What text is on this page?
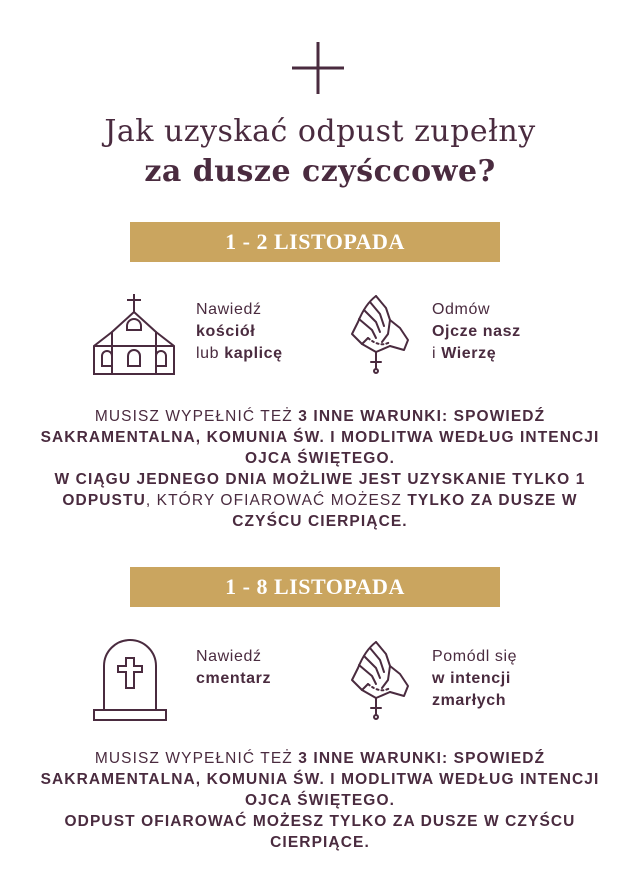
Jak uzyskać odpust zupełny
za dusze czyśccowe?
1 - 2 LISTOPADA
Nawiedź
kościół
lub kaplicę
Odmów
Ojcze nasz
i Wierzę
MUSISZ WYPEŁNIĆ TEŻ 3 INNE WARUNKI: SPOWIEDŹ SAKRAMENTALNA, KOMUNIA ŚW. I MODLITWA WEDŁUG INTENCJI OJCA ŚWIĘTEGO.
W CIĄGU JEDNEGO DNIA MOŻLIWE JEST UZYSKANIE TYLKO 1 ODPUSTU, KTÓRY OFIAROWAĆ MOŻESZ TYLKO ZA DUSZE W CZYŚCU CIERPIĄCE.
1 - 8 LISTOPADA
Nawiedź
cmentarz
Pomódl się
w intencji
zmarłych
MUSISZ WYPEŁNIĆ TEŻ 3 INNE WARUNKI: SPOWIEDŹ SAKRAMENTALNA, KOMUNIA ŚW. I MODLITWA WEDŁUG INTENCJI OJCA ŚWIĘTEGO.
ODPUST OFIAROWAĆ MOŻESZ TYLKO ZA DUSZE W CZYŚCU CIERPIĄCE.
